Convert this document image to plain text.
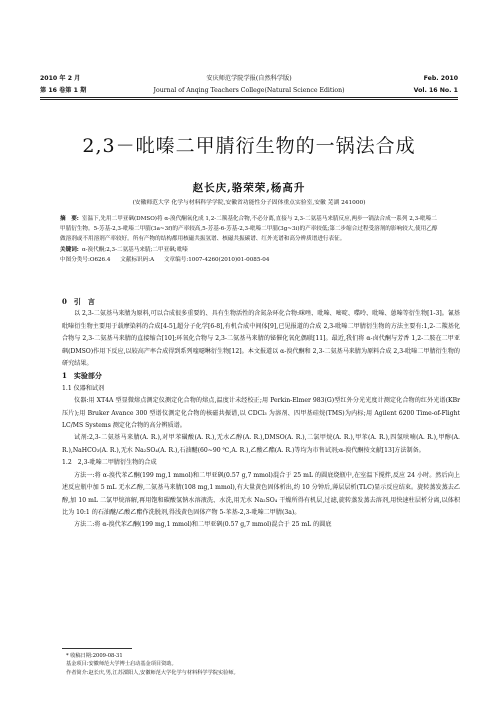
2010 年 2 月	安庆师范学院学报(自然科学版)	Feb. 2010
第 16 卷第 1 期	Journal of Anqing Teachers College(Natural Science Edition)	Vol. 16 No. 1
2,3－吡嗪二甲腈衍生物的一锅法合成
赵长庆,骆荣荣,杨高升
(安徽师范大学 化学与材料科学学院,安徽省功能性分子固体重点实验室,安徽 芜湖 241000)

摘　要: 室温下,先用二甲亚砜(DMSO)将 α-溴代酮氧化成 1,2-二羰基化合物,不必分离,直接与 2,3-二氨基马来腈反应,两步一锅法合成一系列 2,3-吡嗪二甲腈衍生物。5-芳基-2,3-吡嗪二甲腈(3a~3f)的产率较高,5-芳基-6-芳基-2,3-吡嗪二甲腈(3g~3i)的产率较低;第二步缩合过程受溶剂的影响较大,使用乙醇做溶剂或不用溶剂产率较好。所有产物的结构都用核磁共振氢谱、核磁共振碳谱、红外光谱和高分辨质谱进行表征。

关键词: α-溴代酮;2,3-二氨基马来腈;二甲亚砜;吡嗪

中图分类号:O626.4 文献标识码:A 文章编号:1007-4260(2010)01-0085-04

0　引　言

以 2,3-二氨基马来腈为原料,可以合成很多重要的、具有生物活性的含氮杂环化合物:咪唑、吡嗪、嘧啶、喋呤、吡嗪、蒽嗪等衍生物[1-3]。氰基吡嗪衍生物主要用于载摩染料的合成[4-5],超分子化学[6-8],有机合成中间体[9],已见报道的合成 2,3-吡嗪二甲腈衍生物的方法主要有:1,2-二羰基化合物与 2,3-二氨基马来腈的直接缩合[10];环氧化合物与 2,3-二氨基马来腈的铋催化氧化偶联[11]。最近,我们将 α-卤代酮与芳香 1,2-二胺在二甲亚砜(DMSO)作用下反应,以较高产率合成得到系列喹噁啉衍生物[12]。本文报道以 α-溴代酮和 2,3-二氨基马来腈为原料合成 2,3-吡嗪二甲腈衍生物的研究结果。

1　实验部分

1.1 仪器和试剂

仪器:用 XT4A 型显微熔点测定仪测定化合物的熔点,温度计未经校正;用 Perkin-Elmer 983(G)型红外分光光度计测定化合物的红外光谱(KBr 压片);用 Bruker Avance 300 型谱仪测定化合物的核磁共振谱,以 CDCl₃ 为溶剂、四甲基硅烷(TMS)为内标;用 Agilent 6200 Time-of-Flight LC/MS Systems 测定化合物的高分辨质谱。

试剂:2,3-二氨基马来腈(A. R.),对甲苯磺酸(A. R.),无水乙醇(A. R.),DMSO(A. R.),二氯甲烷(A. R.),甲苯(A. R.),四氢呋喃(A. R.),甲醇(A. R.),NaHCO₃(A. R.),无水 Na₂SO₄(A. R.),石油醚(60~90 ℃,A. R.),乙酸乙酯(A. R.)等均为市售试剂;α-溴代酮按文献[13]方法制备。

1.2　2,3-吡嗪二甲腈衍生物的合成

方法一:将 α-溴代苯乙酮(199 mg,1 mmol)和二甲亚砜(0.57 g,7 mmol)混合于 25 mL 的圆底烧瓶中,在室温下搅拌,反应 24 小时。然后向上述反应瓶中加 5 mL 无水乙醇,二氨基马来腈(108 mg,1 mmol),有大量黄色固体析出,约 10 分钟后,薄层层析(TLC)显示反应结束。旋转蒸发蒸去乙醇,加 10 mL 二氯甲烷溶解,再用饱和碳酸氢钠水溶液洗、水洗,用无水 Na₂SO₄ 干燥所得有机层,过滤,旋转蒸发蒸去溶剂,用快速柱层析分离,以体积比为 10:1 的石油醚/乙酸乙酯作洗脱剂,得浅黄色固体产物 5-苯基-2,3-吡嗪二甲腈(3a)。

方法二:将 α-溴代苯乙酮(199 mg,1 mmol)和二甲亚砜(0.57 g,7 mmol)混合于 25 mL 的圆底

* 收稿日期:2009-08-31

基金项目:安徽师范大学博士启动基金项目资助。

作者简介:赵长庆,男,江苏溧阳人,安徽师范大学化学与材料科学学院实验师。
